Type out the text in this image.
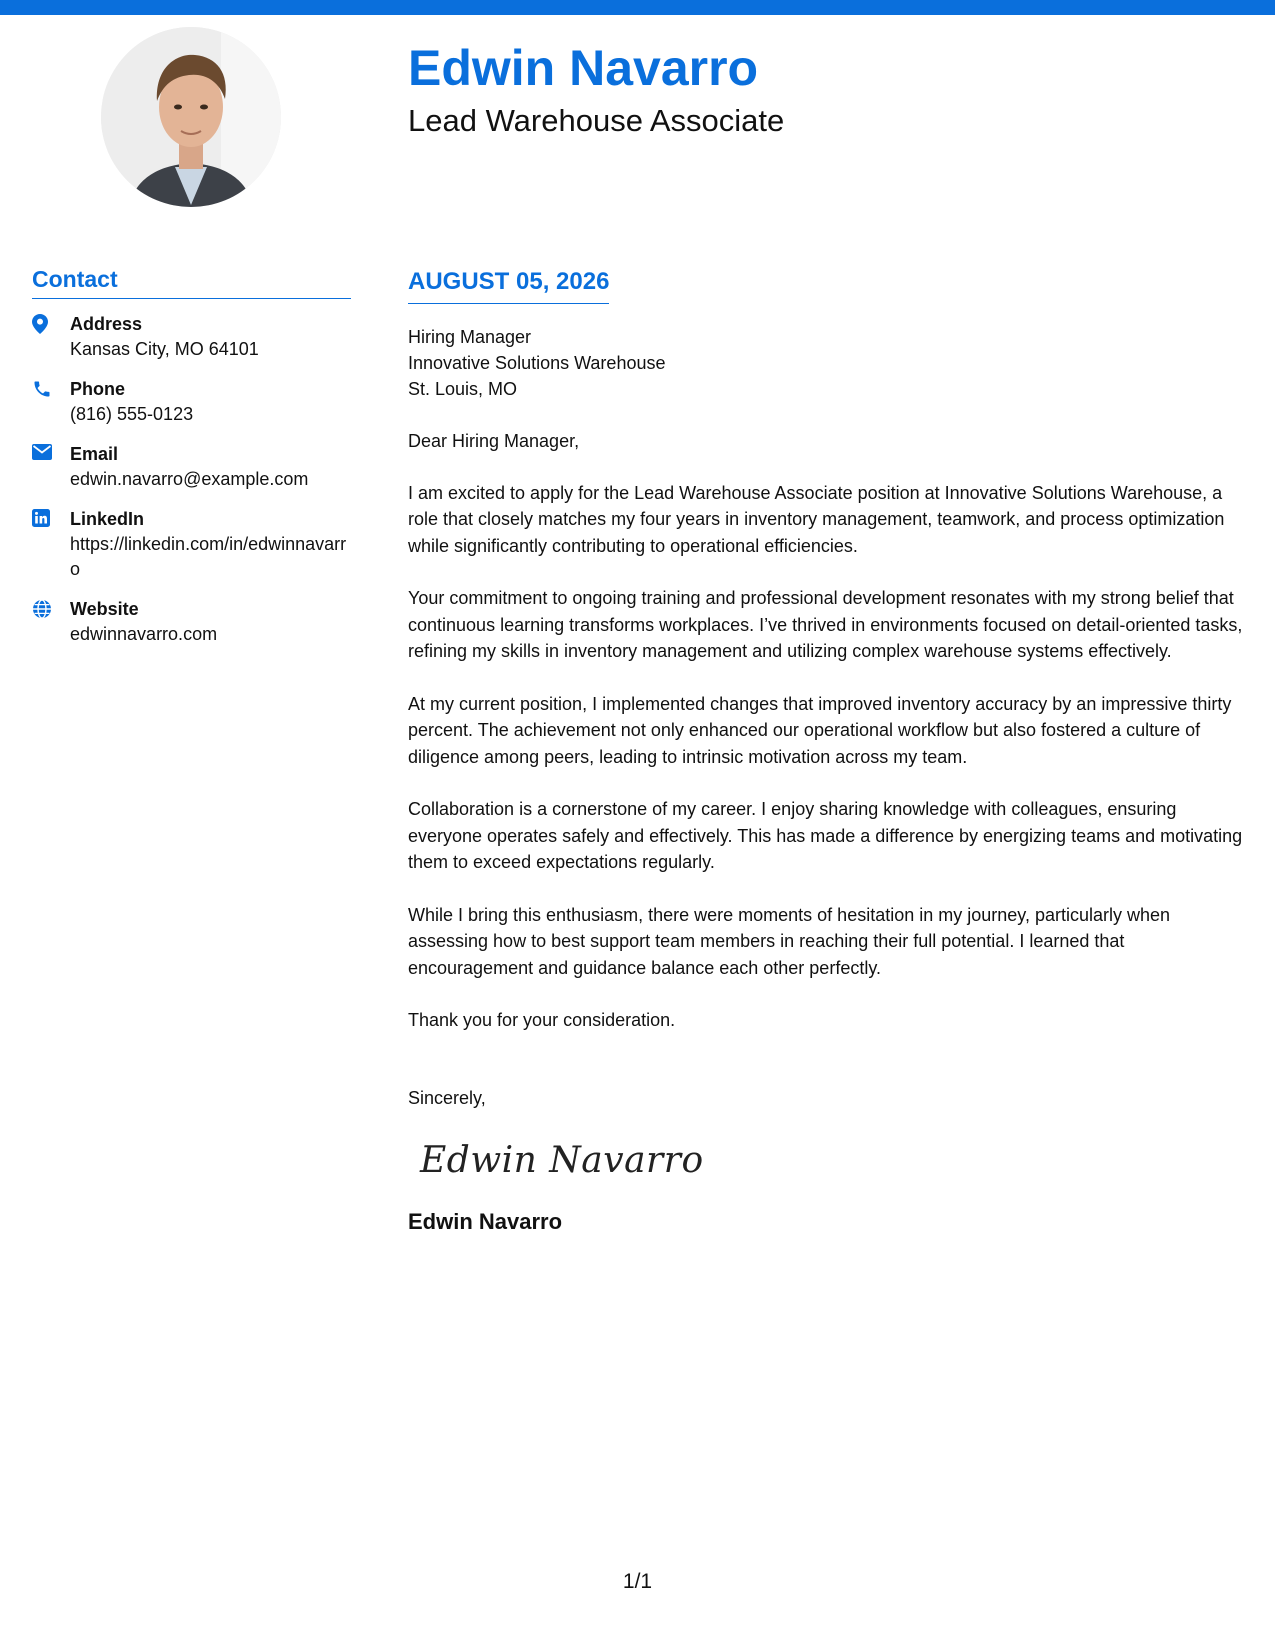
Edwin Navarro
Lead Warehouse Associate
Contact
Address
Kansas City, MO 64101
Phone
(816) 555-0123
Email
edwin.navarro@example.com
LinkedIn
https://linkedin.com/in/edwinnavarro
Website
edwinnavarro.com
AUGUST 05, 2026
Hiring Manager
Innovative Solutions Warehouse
St. Louis, MO
Dear Hiring Manager,

I am excited to apply for the Lead Warehouse Associate position at Innovative Solutions Warehouse, a role that closely matches my four years in inventory management, teamwork, and process optimization while significantly contributing to operational efficiencies.

Your commitment to ongoing training and professional development resonates with my strong belief that continuous learning transforms workplaces. I’ve thrived in environments focused on detail-oriented tasks, refining my skills in inventory management and utilizing complex warehouse systems effectively.

At my current position, I implemented changes that improved inventory accuracy by an impressive thirty percent. The achievement not only enhanced our operational workflow but also fostered a culture of diligence among peers, leading to intrinsic motivation across my team.

Collaboration is a cornerstone of my career. I enjoy sharing knowledge with colleagues, ensuring everyone operates safely and effectively. This has made a difference by energizing teams and motivating them to exceed expectations regularly.

While I bring this enthusiasm, there were moments of hesitation in my journey, particularly when assessing how to best support team members in reaching their full potential. I learned that encouragement and guidance balance each other perfectly.

Thank you for your consideration.
Sincerely,
Edwin Navarro
Edwin Navarro
1/1
